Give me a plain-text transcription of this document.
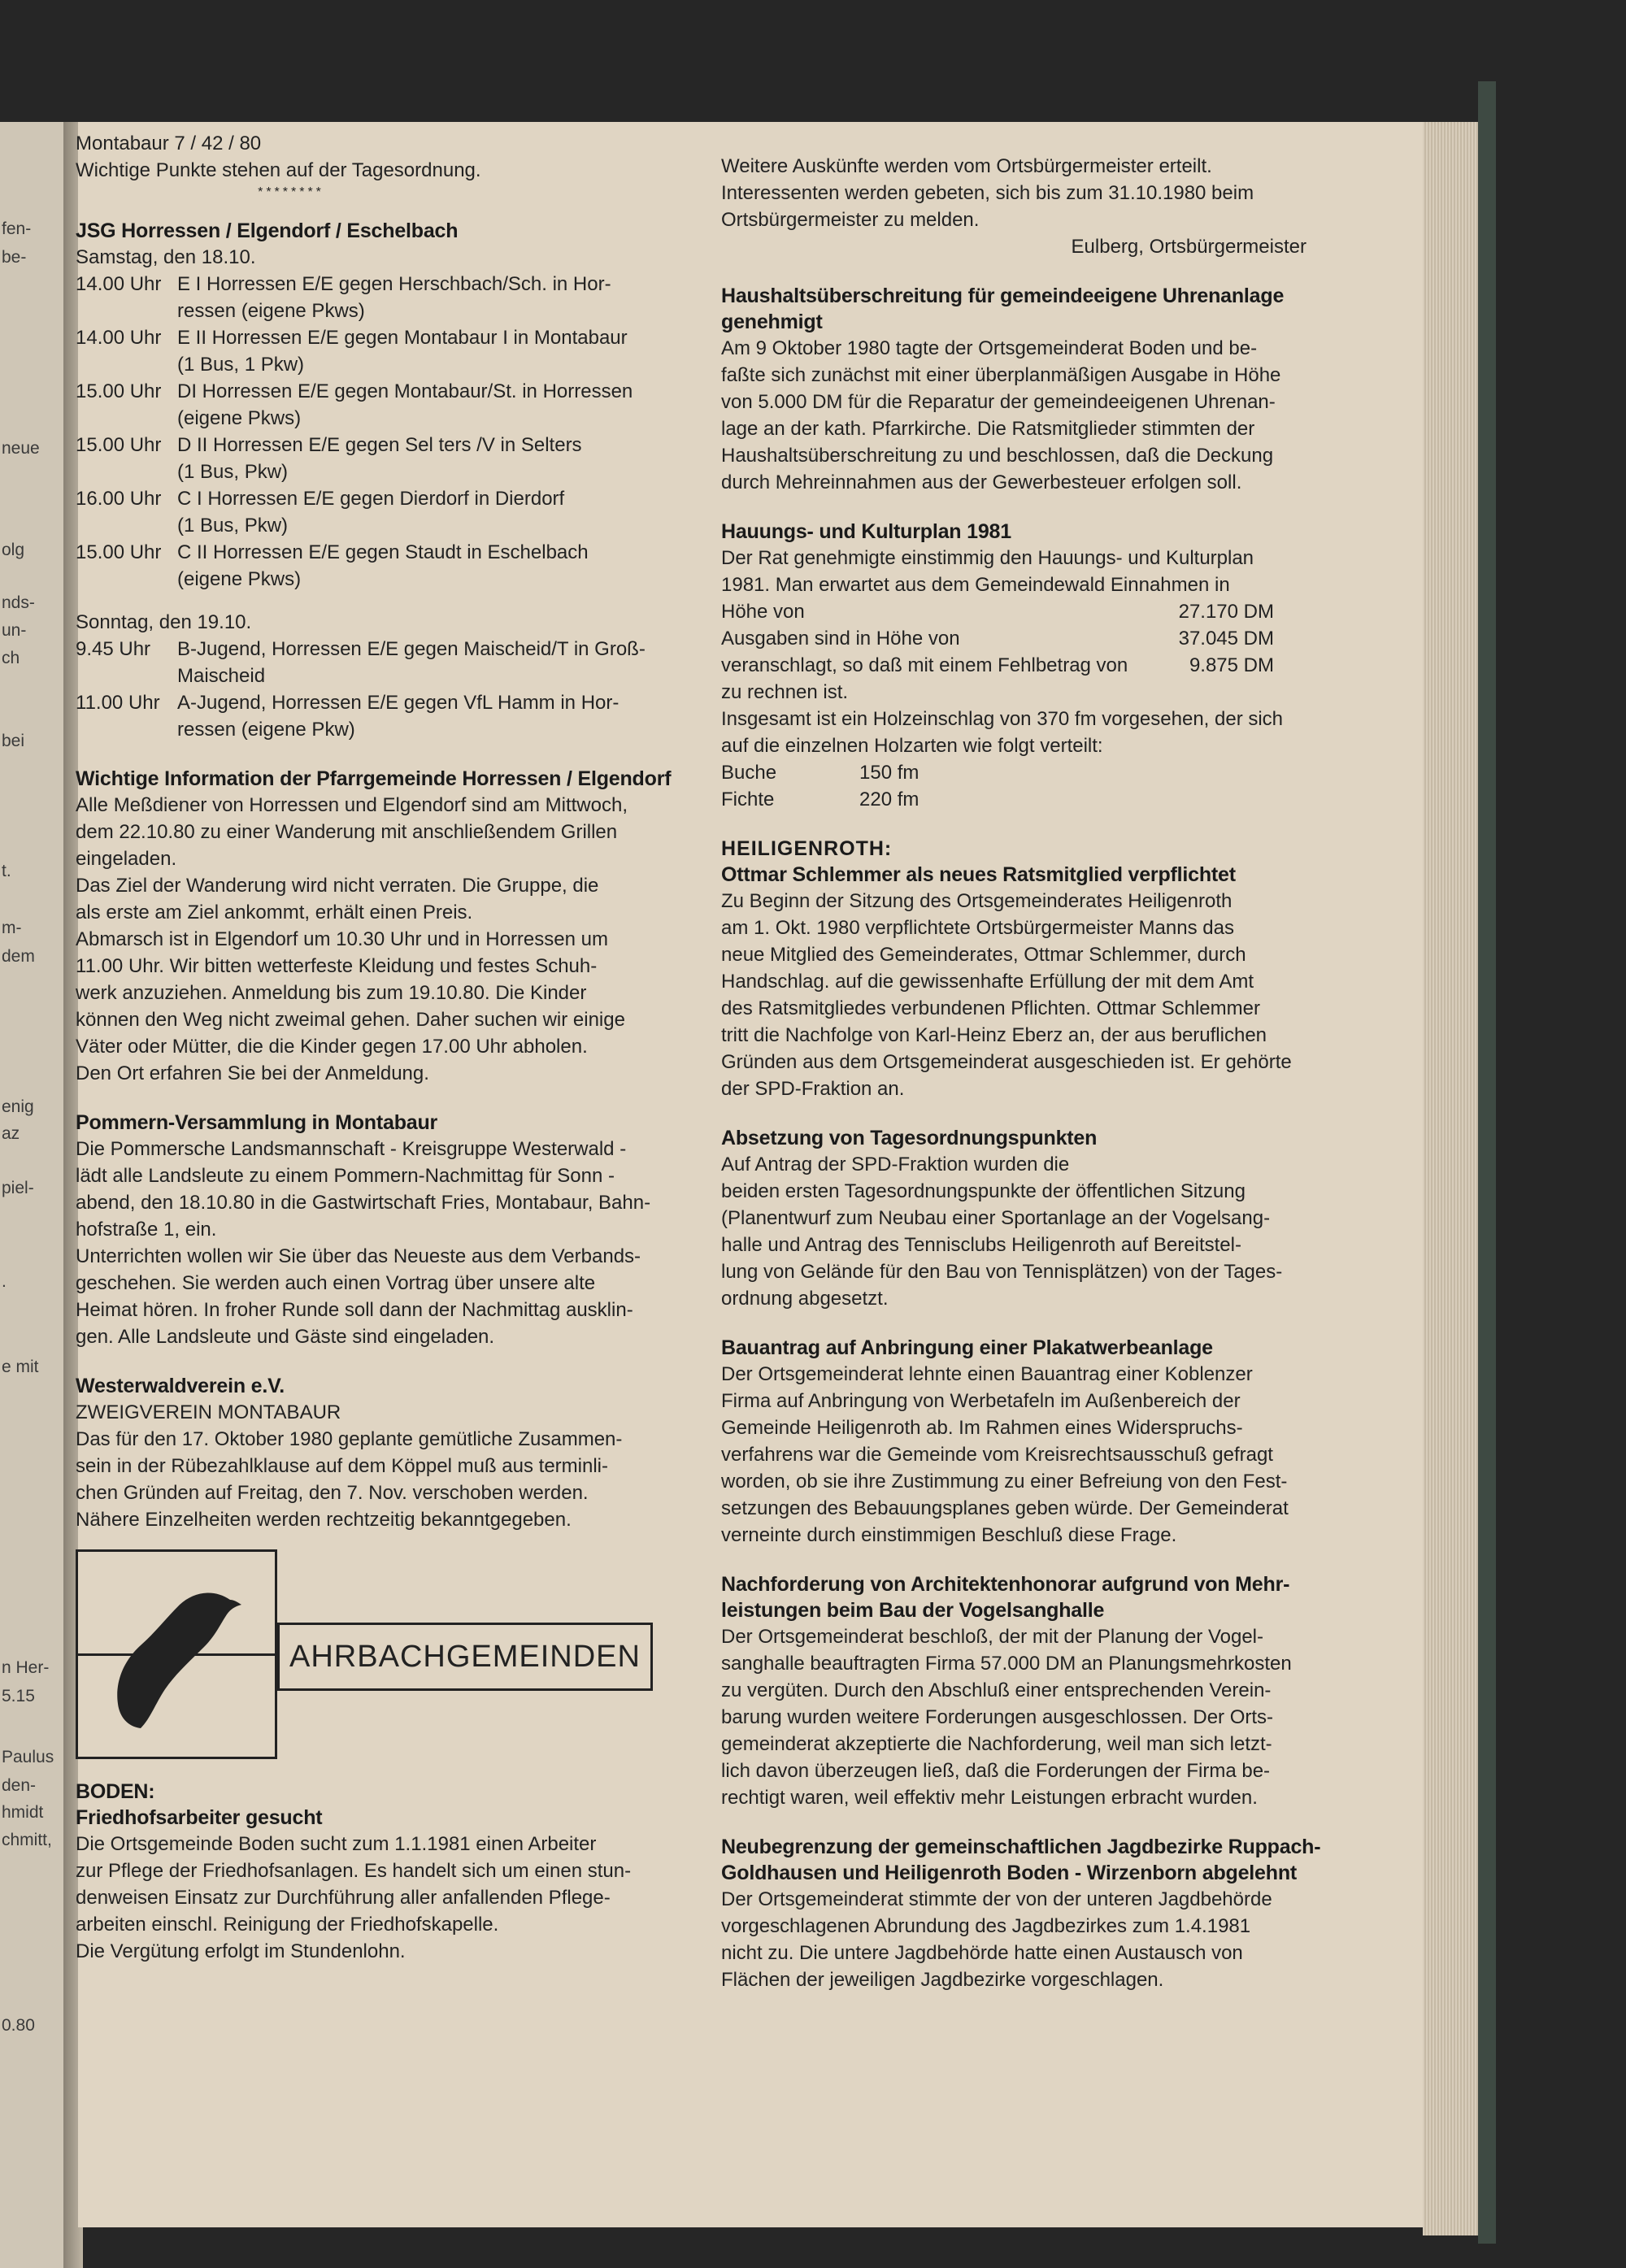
fen-
be-
neue
olg
nds-
un-
ch
bei
t.
m-
dem
enig
az
piel-
.
e mit
n Her-
5.15
Paulus
den-
hmidt
chmitt,
0.80

Montabaur 7 / 42 / 80

Wichtige Punkte stehen auf der Tagesordnung.

********

JSG Horressen / Elgendorf / Eschelbach

Samstag, den 18.10.

14.00 Uhr E I Horressen E/E gegen Herschbach/Sch. in Hor-
ressen (eigene Pkws)
14.00 Uhr E II Horressen E/E gegen Montabaur I in Montabaur
(1 Bus, 1 Pkw)
15.00 Uhr DI Horressen E/E gegen Montabaur/St. in Horressen
(eigene Pkws)
15.00 Uhr D II Horressen E/E gegen Sel ters /V in Selters
(1 Bus, Pkw)
16.00 Uhr C I Horressen E/E gegen Dierdorf in Dierdorf
(1 Bus, Pkw)
15.00 Uhr C II Horressen E/E gegen Staudt in Eschelbach
(eigene Pkws)

Sonntag, den 19.10.

9.45 Uhr	B-Jugend, Horressen E/E gegen Maischeid/T in Groß-
Maischeid
11.00 Uhr A-Jugend, Horressen E/E gegen VfL Hamm in Hor-
ressen (eigene Pkw)

Wichtige Information der Pfarrgemeinde Horressen / Elgendorf

Alle Meßdiener von Horressen und Elgendorf sind am Mittwoch,

dem 22.10.80 zu einer Wanderung mit anschließendem Grillen

eingeladen.

Das Ziel der Wanderung wird nicht verraten. Die Gruppe, die

als erste am Ziel ankommt, erhält einen Preis.

Abmarsch ist in Elgendorf um 10.30 Uhr und in Horressen um

11.00 Uhr. Wir bitten wetterfeste Kleidung und festes Schuh-

werk anzuziehen. Anmeldung bis zum 19.10.80. Die Kinder

können den Weg nicht zweimal gehen. Daher suchen wir einige

Väter oder Mütter, die die Kinder gegen 17.00 Uhr abholen.

Den Ort erfahren Sie bei der Anmeldung.

Pommern-Versammlung in Montabaur

Die Pommersche Landsmannschaft - Kreisgruppe Westerwald -

lädt alle Landsleute zu einem Pommern-Nachmittag für Sonn -

abend, den 18.10.80 in die Gastwirtschaft Fries, Montabaur, Bahn-

hofstraße 1, ein.

Unterrichten wollen wir Sie über das Neueste aus dem Verbands-

geschehen. Sie werden auch einen Vortrag über unsere alte

Heimat hören. In froher Runde soll dann der Nachmittag ausklin-

gen. Alle Landsleute und Gäste sind eingeladen.

Westerwaldverein e.V.

ZWEIGVEREIN MONTABAUR

Das für den 17. Oktober 1980 geplante gemütliche Zusammen-

sein in der Rübezahlklause auf dem Köppel muß aus terminli-

chen Gründen auf Freitag, den 7. Nov. verschoben werden.

Nähere Einzelheiten werden rechtzeitig bekanntgegeben.

AHRBACHGEMEINDEN

BODEN:

Friedhofsarbeiter gesucht

Die Ortsgemeinde Boden sucht zum 1.1.1981 einen Arbeiter

zur Pflege der Friedhofsanlagen. Es handelt sich um einen stun-

denweisen Einsatz zur Durchführung aller anfallenden Pflege-

arbeiten einschl. Reinigung der Friedhofskapelle.

Die Vergütung erfolgt im Stundenlohn.

Weitere Auskünfte werden vom Ortsbürgermeister erteilt.

Interessenten werden gebeten, sich bis zum 31.10.1980 beim

Ortsbürgermeister zu melden.

Eulberg, Ortsbürgermeister

Haushaltsüberschreitung für gemeindeeigene Uhrenanlage genehmigt

Am 9 Oktober 1980 tagte der Ortsgemeinderat Boden und be-

faßte sich zunächst mit einer überplanmäßigen Ausgabe in Höhe

von 5.000 DM für die Reparatur der gemeindeeigenen Uhrenan-

lage an der kath. Pfarrkirche. Die Ratsmitglieder stimmten der

Haushaltsüberschreitung zu und beschlossen, daß die Deckung

durch Mehreinnahmen aus der Gewerbesteuer erfolgen soll.

Hauungs- und Kulturplan 1981

Der Rat genehmigte einstimmig den Hauungs- und Kulturplan

1981. Man erwartet aus dem Gemeindewald Einnahmen in

Höhe von	27.170 DM
Ausgaben sind in Höhe von	37.045 DM
veranschlagt, so daß mit einem Fehlbetrag von	9.875 DM

zu rechnen ist.

Insgesamt ist ein Holzeinschlag von 370 fm vorgesehen, der sich

auf die einzelnen Holzarten wie folgt verteilt:

Buche	150 fm
Fichte	220 fm

HEILIGENROTH:

Ottmar Schlemmer als neues Ratsmitglied verpflichtet

Zu Beginn der Sitzung des Ortsgemeinderates Heiligenroth

am 1. Okt. 1980 verpflichtete Ortsbürgermeister Manns das

neue Mitglied des Gemeinderates, Ottmar Schlemmer, durch

Handschlag. auf die gewissenhafte Erfüllung der mit dem Amt

des Ratsmitgliedes verbundenen Pflichten. Ottmar Schlemmer

tritt die Nachfolge von Karl-Heinz Eberz an, der aus beruflichen

Gründen aus dem Ortsgemeinderat ausgeschieden ist. Er gehörte

der SPD-Fraktion an.

Absetzung von Tagesordnungspunkten

Auf Antrag der SPD-Fraktion wurden die

beiden ersten Tagesordnungspunkte der öffentlichen Sitzung

(Planentwurf zum Neubau einer Sportanlage an der Vogelsang-

halle und Antrag des Tennisclubs Heiligenroth auf Bereitstel-

lung von Gelände für den Bau von Tennisplätzen) von der Tages-

ordnung abgesetzt.

Bauantrag auf Anbringung einer Plakatwerbeanlage

Der Ortsgemeinderat lehnte einen Bauantrag einer Koblenzer

Firma auf Anbringung von Werbetafeln im Außenbereich der

Gemeinde Heiligenroth ab. Im Rahmen eines Widerspruchs-

verfahrens war die Gemeinde vom Kreisrechtsausschuß gefragt

worden, ob sie ihre Zustimmung zu einer Befreiung von den Fest-

setzungen des Bebauungsplanes geben würde. Der Gemeinderat

verneinte durch einstimmigen Beschluß diese Frage.

Nachforderung von Architektenhonorar aufgrund von Mehr-

leistungen beim Bau der Vogelsanghalle

Der Ortsgemeinderat beschloß, der mit der Planung der Vogel-

sanghalle beauftragten Firma 57.000 DM an Planungsmehrkosten

zu vergüten. Durch den Abschluß einer entsprechenden Verein-

barung wurden weitere Forderungen ausgeschlossen. Der Orts-

gemeinderat akzeptierte die Nachforderung, weil man sich letzt-

lich davon überzeugen ließ, daß die Forderungen der Firma be-

rechtigt waren, weil effektiv mehr Leistungen erbracht wurden.

Neubegrenzung der gemeinschaftlichen Jagdbezirke Ruppach-

Goldhausen und Heiligenroth Boden - Wirzenborn abgelehnt

Der Ortsgemeinderat stimmte der von der unteren Jagdbehörde

vorgeschlagenen Abrundung des Jagdbezirkes zum 1.4.1981

nicht zu. Die untere Jagdbehörde hatte einen Austausch von

Flächen der jeweiligen Jagdbezirke vorgeschlagen.
